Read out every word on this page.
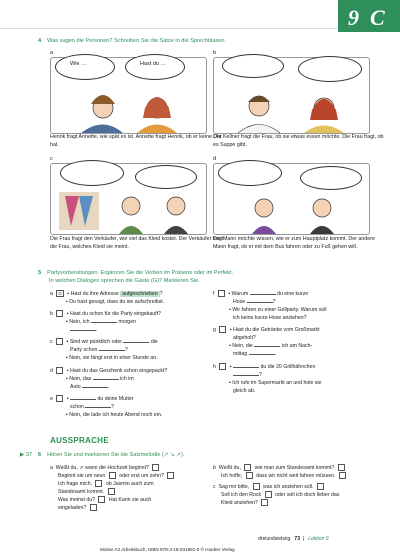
9 C
4 Was sagen die Personen? Schreiben Sie die Sätze in die Sprechblasen.
a
Wie …	Hast du …
Henrik fragt Annette, wie spät es ist. Annette fragt Henrik, ob er keine Uhr hat.
b
Der Kellner fragt die Frau, ob sie etwas essen möchte. Die Frau fragt, ob es Suppe gibt.
c
Die Frau fragt den Verkäufer, wie viel das Kleid kostet. Der Verkäufer fragt die Frau, welches Kleid sie meint.
d
Der Mann möchte wissen, wie er zum Hauptplatz kommt. Der andere Mann fragt, ob er mit dem Bus fahren oder zu Fuß gehen will.
5 Partyvorbereitungen. Ergänzen Sie die Verben im Präsens oder im Perfekt.
In welchen Dialogen sprechen die Gäste (G)? Markieren Sie.
a G ▪ Hast du ihre Adresse aufgeschrieben ?
▪ Du hast gesagt, dass du sie aufschreibst.
b  ▪ Hast du schon für die Party eingekauft?
▪ Nein, ich	morgen
.
c  ▪ Sind wir pünktlich oder	die
Party schon	?
▪ Nein, sie fängt erst in einer Stunde an.
d  ▪ Hast du das Geschenk schon eingepackt?
▪ Nein, das	ich im
Auto	.
e  ▪	du deine Mutter
schon	?
▪ Nein, die lade ich heute Abend noch ein.
f  ▪ Warum	du eine kurze
Hose	?
▪ Wir fahren zu einer Grillparty. Warum soll
ich keine kurze Hose anziehen?
g  ▪ Hast du die Getränke vom Großmarkt
abgeholt?
▪ Nein, die	ich am Nach-
mittag	.
h  ▪	du die 20 Grillhähnchen
?
▪ Ich rufe im Supermarkt an und hole sie
gleich ab.
AUSSPRACHE
▶ 37 6 Hören Sie und markieren Sie die Satzmelodie (➚ ↘ ➚).
a Weißt du, ➚ wann die Hochzeit beginnt?
Beginnt sie um neun	oder erst um zehn?
Ich frage mich,	ob Jasmin auch zum
Standesamt kommt.
Was meinst du?	Hat Karin sie auch
eingeladen?
b Weißt du,	wie man zum Standesamt kommt?
Ich hoffe,	dass wir nicht weit fahren müssen.
c Sag mir bitte,	was ich anziehen soll.
Soll ich den Rock	oder soll ich doch lieber das
Kleid anziehen?
dreiundsiebzig 73  |   Lektion 9
Motive A2 Arbeitsbuch, ISBN 978-3-19-031881-0 © Hueber Verlag
